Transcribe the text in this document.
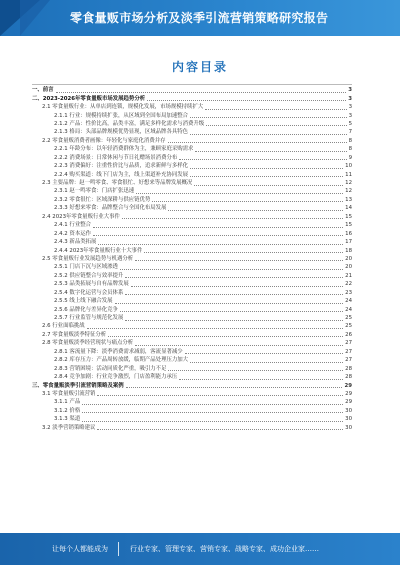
零食量贩市场分析及淡季引流营销策略研究报告
内容目录
一、前言	3
二、2023-2026年零食量贩市场发展趋势分析	3
2.1 零食量贩行业：从单店到连锁，规模化发展，市场规模持续扩大	3
2.1.1 行业：规模持续扩张，从区域到全国布局加速整合	3
2.1.2 产品：性价比高，品类丰富，满足多样化需求与消费升级	5
2.1.3 格局：头部品牌规模优势显现，区域品牌各具特色	7
2.2 零食量贩消费者画像：年轻化与家庭化消费并存	8
2.2.1 年龄分布：以年轻消费群体为主，兼顾家庭采购需求	8
2.2.2 消费场景：日常休闲与节日礼赠场景消费分布	9
2.2.3 消费偏好：注重性价比与品质，追求新鲜与多样化	10
2.2.4 购买渠道：线下门店为主，线上渠道补充协同发展	11
2.3 主要品牌：赵一鸣零食、零食很忙、好想来等品牌发展概况	12
2.3.1 赵一鸣零食：门店扩张迅速	12
2.3.2 零食很忙：区域深耕与供应链优势	13
2.3.3 好想来零食：品牌整合与全国化布局发展	14
2.4 2023年零食量贩行业大事件	15
2.4.1 行业整合	15
2.4.2 资本运作	16
2.4.3 新品类拓展	17
2.4.4 2023年零食量贩行业十大事件	18
2.5 零食量贩行业发展趋势与机遇分析	20
2.5.1 门店下沉与区域渗透	20
2.5.2 供应链整合与效率提升	21
2.5.3 品类拓展与自有品牌发展	22
2.5.4 数字化运营与会员体系	23
2.5.5 线上线下融合发展	24
2.5.6 品牌化与差异化竞争	24
2.5.7 行业监管与规范化发展	25
2.6 行业面临挑战	25
2.7 零食量贩淡季特征分析	26
2.8 零食量贩淡季经营现状与痛点分析	27
2.8.1 客流量下降：淡季消费需求减弱，客流显著减少	27
2.8.2 库存压力：产品周转放缓，临期产品处理压力加大	27
2.8.3 营销困境：活动同质化严重，吸引力不足	28
2.8.4 竞争加剧：行业竞争激烈，门店盈利能力承压	28
三、零食量贩淡季引流营销策略及案例	29
3.1 零食量贩引流营销	29
3.1.1 产品	29
3.1.2 价格	30
3.1.3 渠道	30
3.2 淡季营销策略建议	30
让每个人都能成为	行业专家、管理专家、营销专家、战略专家、成功企业家……
